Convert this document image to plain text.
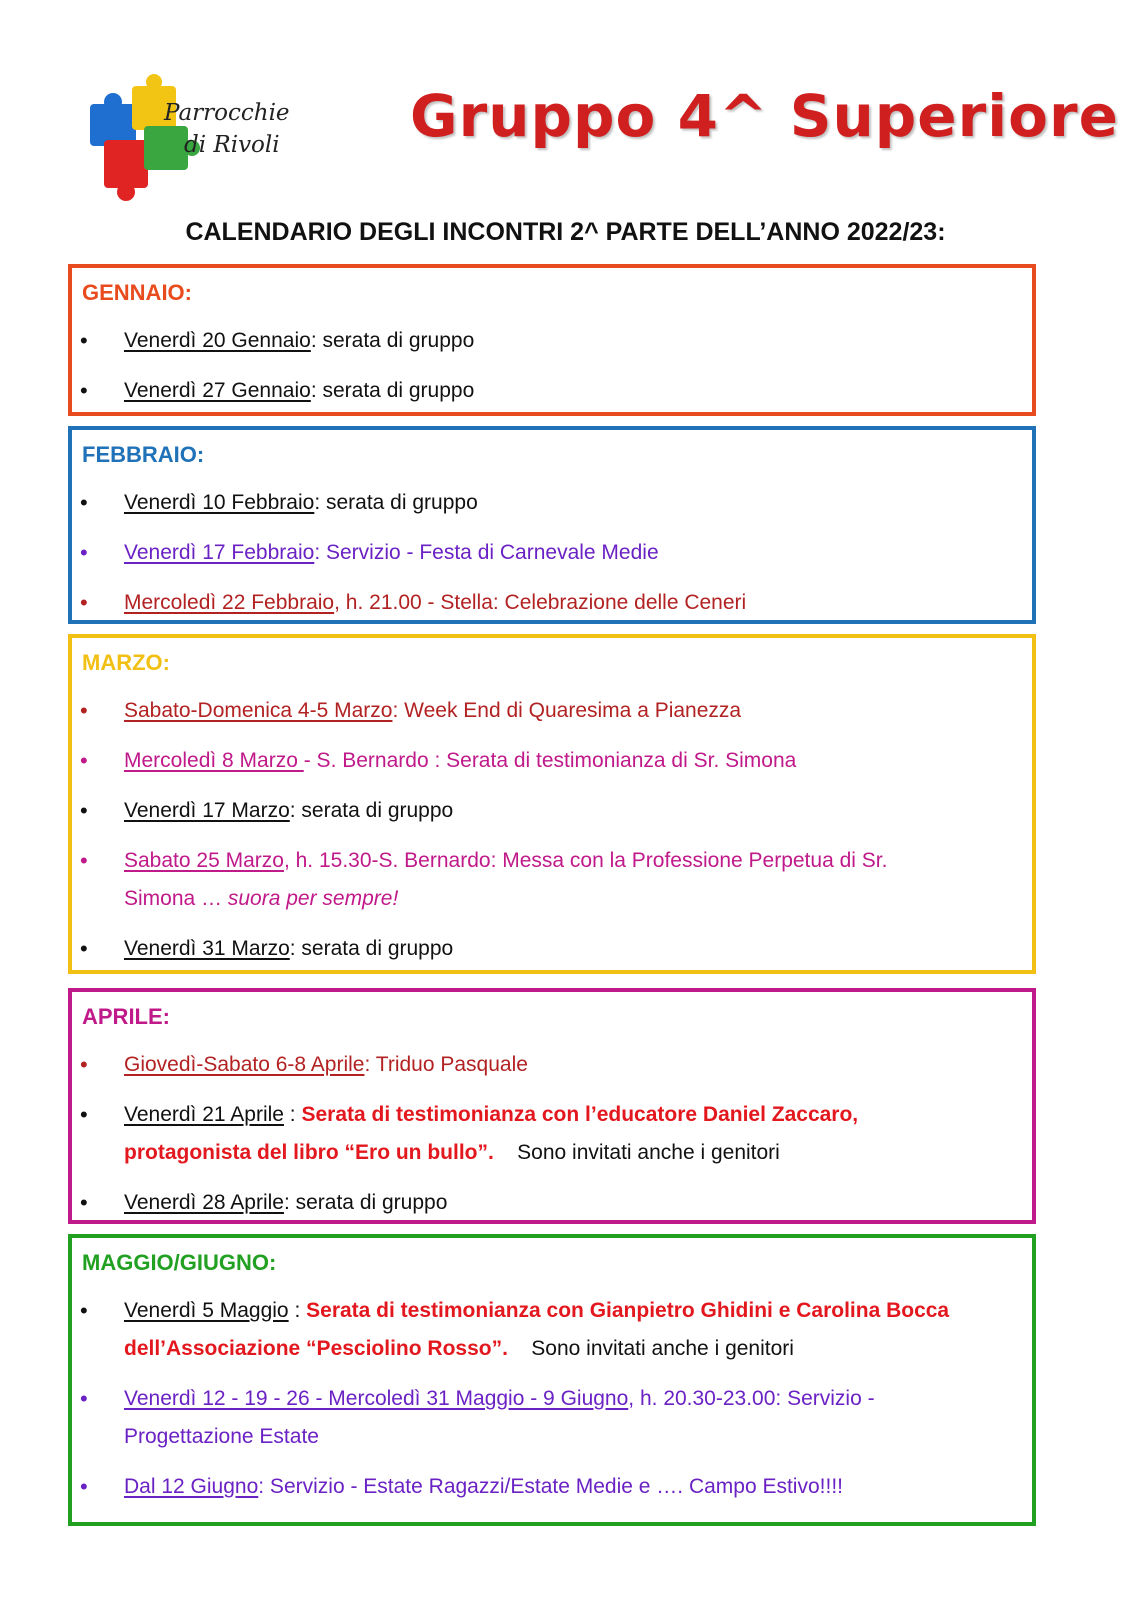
Parrocchie
di Rivoli Gruppo 4^ Superiore
CALENDARIO DEGLI INCONTRI 2^ PARTE DELL’ANNO 2022/23:
GENNAIO:
• Venerdì 20 Gennaio: serata di gruppo
• Venerdì 27 Gennaio: serata di gruppo
FEBBRAIO:
• Venerdì 10 Febbraio: serata di gruppo
• Venerdì 17 Febbraio: Servizio - Festa di Carnevale Medie
• Mercoledì 22 Febbraio, h. 21.00 - Stella: Celebrazione delle Ceneri
MARZO:
• Sabato-Domenica 4-5 Marzo: Week End di Quaresima a Pianezza
• Mercoledì 8 Marzo - S. Bernardo : Serata di testimonianza di Sr. Simona
• Venerdì 17 Marzo: serata di gruppo
• Sabato 25 Marzo, h. 15.30-S. Bernardo: Messa con la Professione Perpetua di Sr. Simona … suora per sempre!
• Venerdì 31 Marzo: serata di gruppo
APRILE:
• Giovedì-Sabato 6-8 Aprile: Triduo Pasquale
• Venerdì 21 Aprile : Serata di testimonianza con l’educatore Daniel Zaccaro, protagonista del libro “Ero un bullo”.    Sono invitati anche i genitori
• Venerdì 28 Aprile: serata di gruppo
MAGGIO/GIUGNO:
• Venerdì 5 Maggio : Serata di testimonianza con Gianpietro Ghidini e Carolina Bocca dell’Associazione “Pesciolino Rosso”.    Sono invitati anche i genitori
• Venerdì 12 - 19 - 26 - Mercoledì 31 Maggio - 9 Giugno, h. 20.30-23.00: Servizio - Progettazione Estate
• Dal 12 Giugno: Servizio - Estate Ragazzi/Estate Medie e …. Campo Estivo!!!!
